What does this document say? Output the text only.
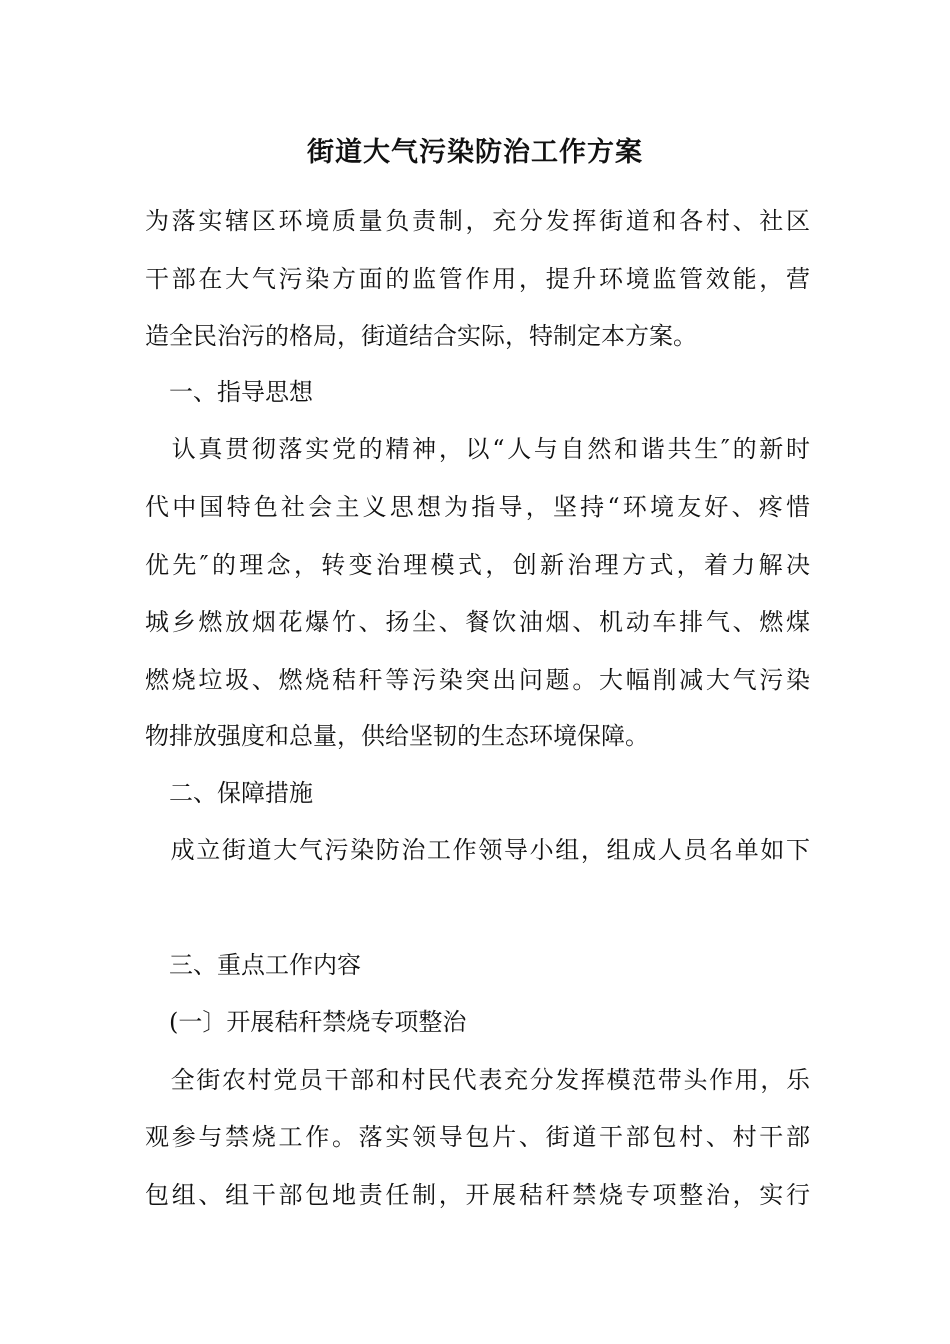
街道大气污染防治工作方案
为落实辖区环境质量负责制，充分发挥街道和各村、社区
干部在大气污染方面的监管作用，提升环境监管效能，营
造全民治污的格局，街道结合实际，特制定本方案。
　一、指导思想
　认真贯彻落实党的精神，以“人与自然和谐共生″的新时
代中国特色社会主义思想为指导，坚持“环境友好、疼惜
优先″的理念，转变治理模式，创新治理方式，着力解决
城乡燃放烟花爆竹、扬尘、餐饮油烟、机动车排气、燃煤
燃烧垃圾、燃烧秸秆等污染突出问题。大幅削减大气污染
物排放强度和总量，供给坚韧的生态环境保障。
　二、保障措施
　成立街道大气污染防治工作领导小组，组成人员名单如下
　三、重点工作内容
　(一〕开展秸秆禁烧专项整治
　全街农村党员干部和村民代表充分发挥模范带头作用，乐
观参与禁烧工作。落实领导包片、街道干部包村、村干部
包组、组干部包地责任制，开展秸秆禁烧专项整治，实行
